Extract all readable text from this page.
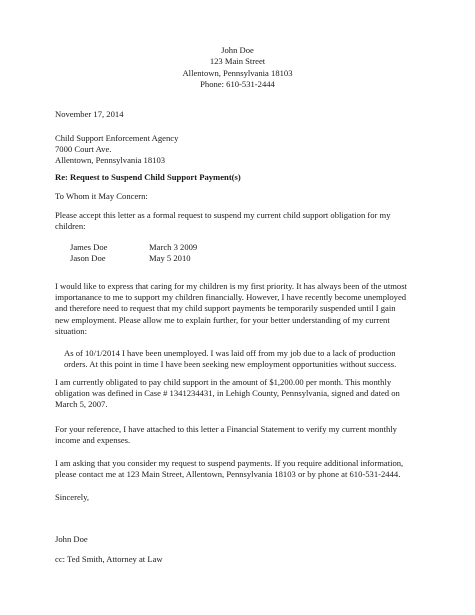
John Doe
123 Main Street
Allentown, Pennsylvania 18103
Phone: 610-531-2444
November 17, 2014
Child Support Enforcement Agency
7000 Court Ave.
Allentown, Pennsylvania 18103
Re: Request to Suspend Child Support Payment(s)
To Whom it May Concern:
Please accept this letter as a formal request to suspend my current child support obligation for my
children:
James Doe	March 3 2009
Jason Doe	May 5 2010
I would like to express that caring for my children is my first priority. It has always been of the utmost
importanance to me to support my children financially. However, I have recently become unemployed
and therefore need to request that my child support payments be temporarily suspended until I gain
new employment. Please allow me to explain further, for your better understanding of my current
situation:
As of 10/1/2014 I have been unemployed. I was laid off from my job due to a lack of production
orders. At this point in time I have been seeking new employment opportunities without success.
I am currently obligated to pay child support in the amount of $1,200.00 per month. This monthly
obligation was defined in Case # 1341234431, in Lehigh County, Pennsylvania, signed and dated on
March 5, 2007.
For your reference, I have attached to this letter a Financial Statement to verify my current monthly
income and expenses.
I am asking that you consider my request to suspend payments. If you require additional information,
please contact me at 123 Main Street, Allentown, Pennsylvania 18103 or by phone at 610-531-2444.
Sincerely,
John Doe
cc: Ted Smith, Attorney at Law
